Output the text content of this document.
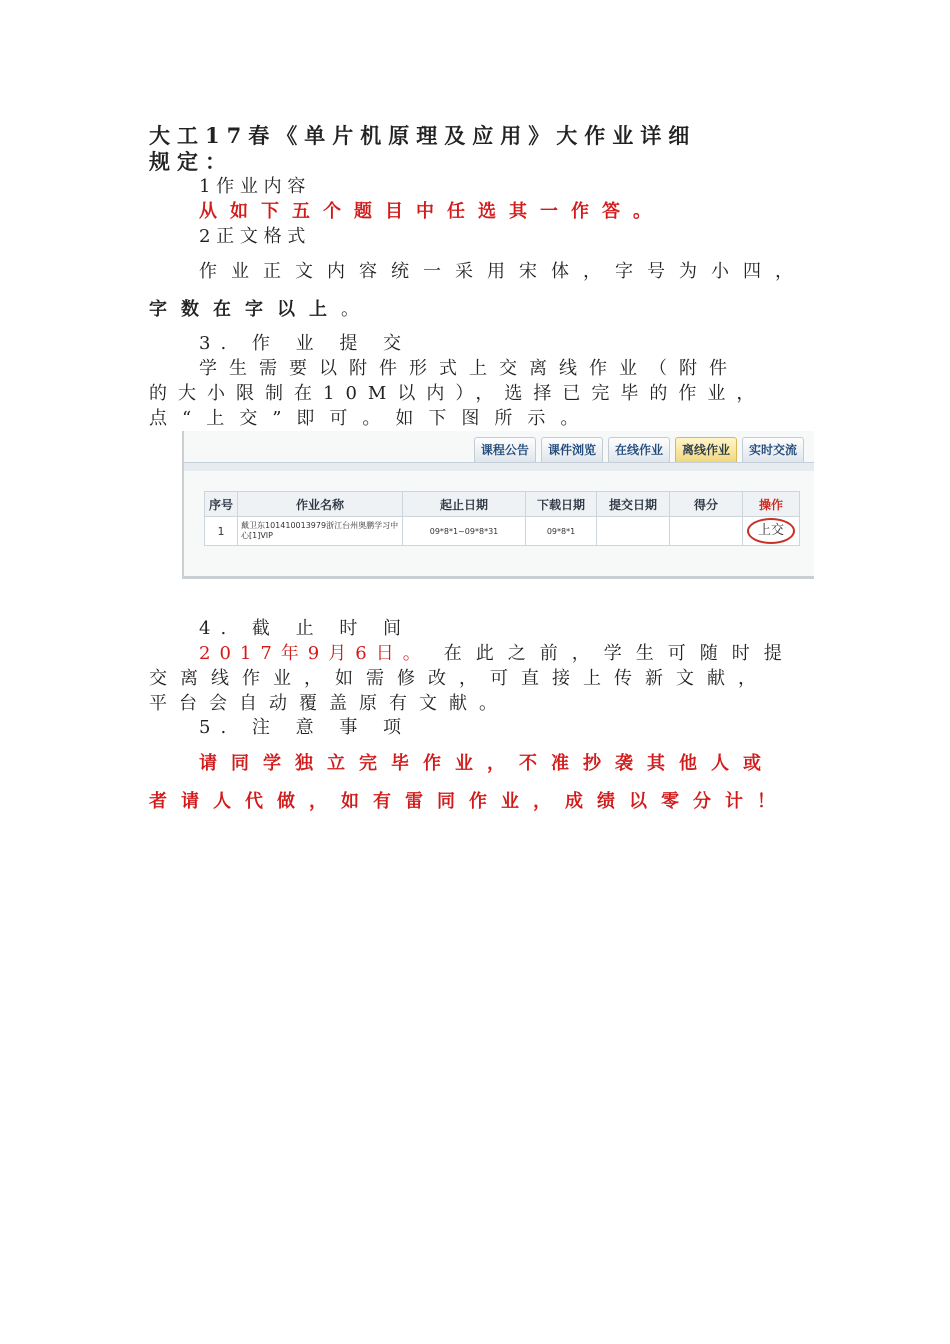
大工17春《单片机原理及应用》大作业详细
规定：
1 作 业 内 容
从如下五个题目中任选其一作答。
2 正 文 格 式
作业正文内容统一采用宋体，字号为小四，
字数在字以上。
3. 作 业 提 交
学生需要以附件形式上交离线作业（附件
的大小限制在10M以内），选择已完毕的作业，
点“上交”即可。如下图所示。
课程公告	课件浏览	在线作业	离线作业	实时交流
序号	作业名称	起止日期	下载日期	提交日期	得分	操作
1	戴卫东101410013979浙江台州奥鹏学习中心[1]VIP	09*8*1~09*8*31	09*8*1			上交
4. 截 止 时 间
2017年9月6日。 在此之前，学生可随时提
交离线作业，如需修改，可直接上传新文献，
平台会自动覆盖原有文献。
5. 注 意 事 项
请同学独立完毕作业，不准抄袭其他人或
者请人代做，如有雷同作业，成绩以零分计！
